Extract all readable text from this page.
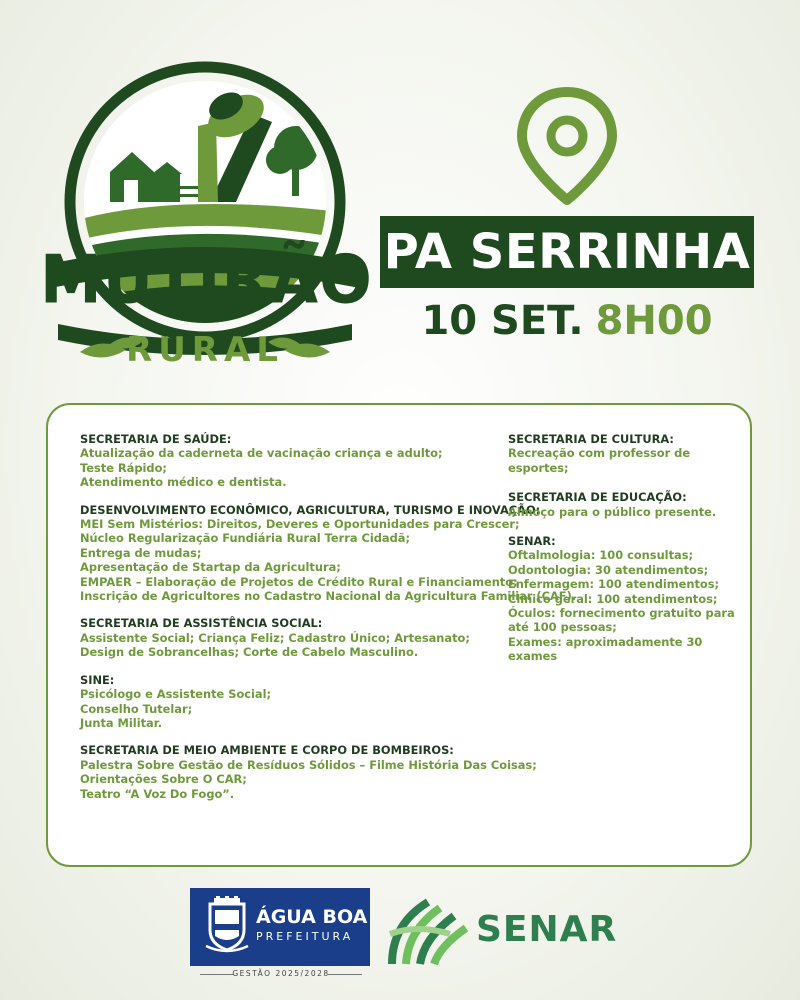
MUTIRÃO
RURAL
PA SERRINHA
10 SET. 8H00
SECRETARIA DE SAÚDE:
Atualização da caderneta de vacinação criança e adulto;
Teste Rápido;
Atendimento médico e dentista.
DESENVOLVIMENTO ECONÔMICO, AGRICULTURA, TURISMO E INOVAÇÃO:
MEI Sem Mistérios: Direitos, Deveres e Oportunidades para Crescer;
Núcleo Regularização Fundiária Rural Terra Cidadã;
Entrega de mudas;
Apresentação de Startap da Agricultura;
EMPAER – Elaboração de Projetos de Crédito Rural e Financiamento;
Inscrição de Agricultores no Cadastro Nacional da Agricultura Familiar (CAF).
SECRETARIA DE ASSISTÊNCIA SOCIAL:
Assistente Social; Criança Feliz; Cadastro Único; Artesanato;
Design de Sobrancelhas; Corte de Cabelo Masculino.
SINE:
Psicólogo e Assistente Social;
Conselho Tutelar;
Junta Militar.
SECRETARIA DE MEIO AMBIENTE E CORPO DE BOMBEIROS:
Palestra Sobre Gestão de Resíduos Sólidos – Filme História Das Coisas;
Orientações Sobre O CAR;
Teatro “A Voz Do Fogo”.
SECRETARIA DE CULTURA:
Recreação com professor de esportes;
SECRETARIA DE EDUCAÇÃO:
Almoço para o público presente.
SENAR:
Oftalmologia: 100 consultas;
Odontologia: 30 atendimentos;
Enfermagem: 100 atendimentos;
Clínico geral: 100 atendimentos;
Óculos: fornecimento gratuito para até 100 pessoas;
Exames: aproximadamente 30 exames
ÁGUA BOA
PREFEITURA
GESTÃO 2025/2028
SENAR
